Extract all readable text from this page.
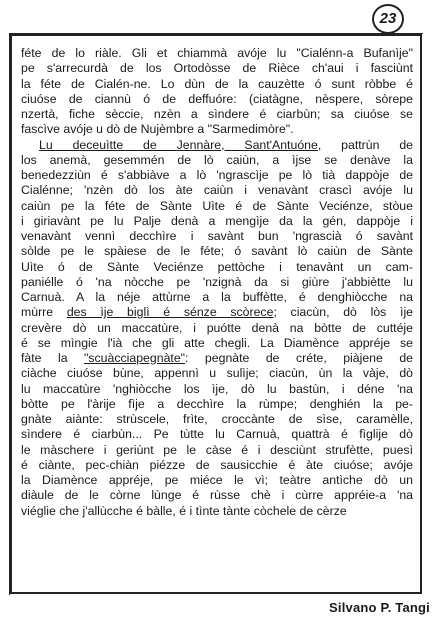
23
féte de lo riàle. Gli et chiammà avóje lu "Cialénn-a Bufanìje"
pe s'arrecurdà de los Ortodòsse de Rièce ch'aui i fasciùnt
la féte de Cialén-ne. Lo dùn de la cauzètte ó sunt ròbbe é
ciuóse de ciannù ó de deffuóre: (ciatàgne, nèspere, sòrepe
nzertà, fiche sèccie, nzèn a sìndere é ciarbùn; sa ciuóse se
fascìve avóje u dò de Nujèmbre a "Sarmedimòre".
Lu deceuìtte de Jennàre, Sant'Antuóne, pattrùn de
los anemà, gesemmén de lò caiùn, a ìjse se denàve la
benedezziùn é s'abbiàve a lò 'ngrascìje pe lò tià dappòje de
Cialénne; 'nzèn dò los àte caiùn i venavànt crascì avóje lu
caiùn pe la féte de Sànte Uìte é de Sànte Veciénze, stòue
i giriavànt pe lu Palje denà a mengìje da la gén, dappòje i
venavànt vennì decchìre i savànt bun 'ngrascià ó savànt
sòlde pe le spàiese de le féte; ó savànt lò caiùn de Sànte
Uìte ó de Sànte Veciénze pettòche i tenavànt un cam-
paniélle ó 'na nòcche pe 'nzignà da si giùre j'abbiètte lu
Carnuà. A la néje attùrne a la buffètte, é denghiòcche na
mùrre des ìje biglì é sénze scòrece; ciacùn, dò lòs ìje
crevère dò un maccatùre, i puótte denà na bòtte de cuttéje
é se mìngie l'ià che gli atte chegli. La Diamènce appréje se
fàte la "scuàcciapegnàte": pegnàte de créte, piàjene de
ciàche ciuóse bùne, appennì u sulìje; ciacùn, ùn la vàje, dò
lu maccatùre 'nghiòcche los ìje, dò lu bastùn, i déne 'na
bòtte pe l'àrije fìje a decchìre la rùmpe; denghién la pe-
gnàte aiànte: strùscele, frìte, croccànte de sìse, caramèlle,
sìndere é ciarbùn... Pe tùtte lu Carnuà, quattrà é fìglije dò
le màschere i geriùnt pe le càse é i desciùnt strufètte, puesì
é ciànte, pec-chiàn piézze de sausicchie é àte ciuóse; avóje
la Diamènce appréje, pe miéce le vì; teàtre antìche dò un
diàule de le còrne lùnge é rùsse chè i cùrre appréie-a 'na
viéglie che j'allùcche é bàlle, é i tìnte tànte còchele de cèrze
Silvano P. Tangi
